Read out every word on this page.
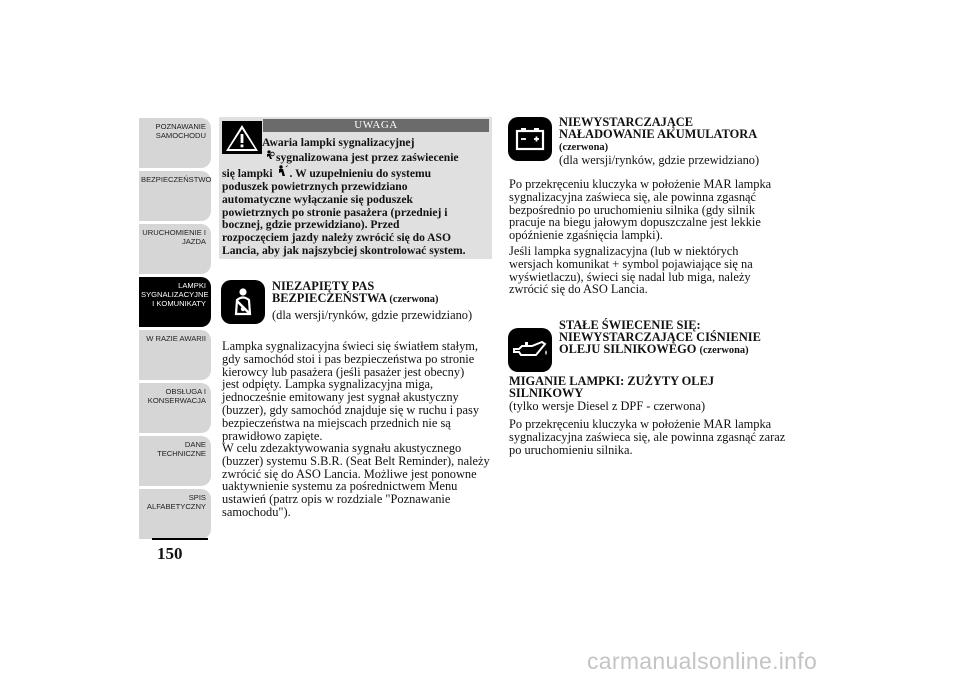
POZNAWANIE
SAMOCHODU
BEZPIECZEŃSTWO
URUCHOMIENIE I
JAZDA
LAMPKI
SYGNALIZACYJNE
I KOMUNIKATY
W RAZIE AWARII
OBSŁUGA I
KONSERWACJA
DANE
TECHNICZNE
SPIS
ALFABETYCZNY
150
UWAGA

Awaria lampki sygnalizacyjnej

sygnalizowana jest przez zaświecenie

się lampki . W uzupełnieniu do systemu

poduszek powietrznych przewidziano

automatyczne wyłączanie się poduszek

powietrznych po stronie pasażera (przedniej i

bocznej, gdzie przewidziano). Przed

rozpoczęciem jazdy należy zwrócić się do ASO

Lancia, aby jak najszybciej skontrolować system.

NIEZAPIĘTY PAS
BEZPIECZEŃSTWA (czerwona)
(dla wersji/rynków, gdzie przewidziano)
Lampka sygnalizacyjna świeci się światłem stałym,
gdy samochód stoi i pas bezpieczeństwa po stronie
kierowcy lub pasażera (jeśli pasażer jest obecny)
jest odpięty. Lampka sygnalizacyjna miga,
jednocześnie emitowany jest sygnał akustyczny
(buzzer), gdy samochód znajduje się w ruchu i pasy
bezpieczeństwa na miejscach przednich nie są
prawidłowo zapięte.
W celu zdezaktywowania sygnału akustycznego
(buzzer) systemu S.B.R. (Seat Belt Reminder), należy
zwrócić się do ASO Lancia. Możliwe jest ponowne
uaktywnienie systemu za pośrednictwem Menu
ustawień (patrz opis w rozdziale "Poznawanie
samochodu").
NIEWYSTARCZAJĄCE
NAŁADOWANIE AKUMULATORA
(czerwona)
(dla wersji/rynków, gdzie przewidziano)
Po przekręceniu kluczyka w położenie MAR lampka
sygnalizacyjna zaświeca się, ale powinna zgasnąć
bezpośrednio po uruchomieniu silnika (gdy silnik
pracuje na biegu jałowym dopuszczalne jest lekkie
opóźnienie zgaśnięcia lampki).
Jeśli lampka sygnalizacyjna (lub w niektórych
wersjach komunikat + symbol pojawiające się na
wyświetlaczu), świeci się nadal lub miga, należy
zwrócić się do ASO Lancia.
STAŁE ŚWIECENIE SIĘ:
NIEWYSTARCZAJĄCE CIŚNIENIE
OLEJU SILNIKOWEGO (czerwona)
MIGANIE LAMPKI: ZUŻYTY OLEJ
SILNIKOWY
(tylko wersje Diesel z DPF - czerwona)
Po przekręceniu kluczyka w położenie MAR lampka
sygnalizacyjna zaświeca się, ale powinna zgasnąć zaraz
po uruchomieniu silnika.
carmanualsonline.info
